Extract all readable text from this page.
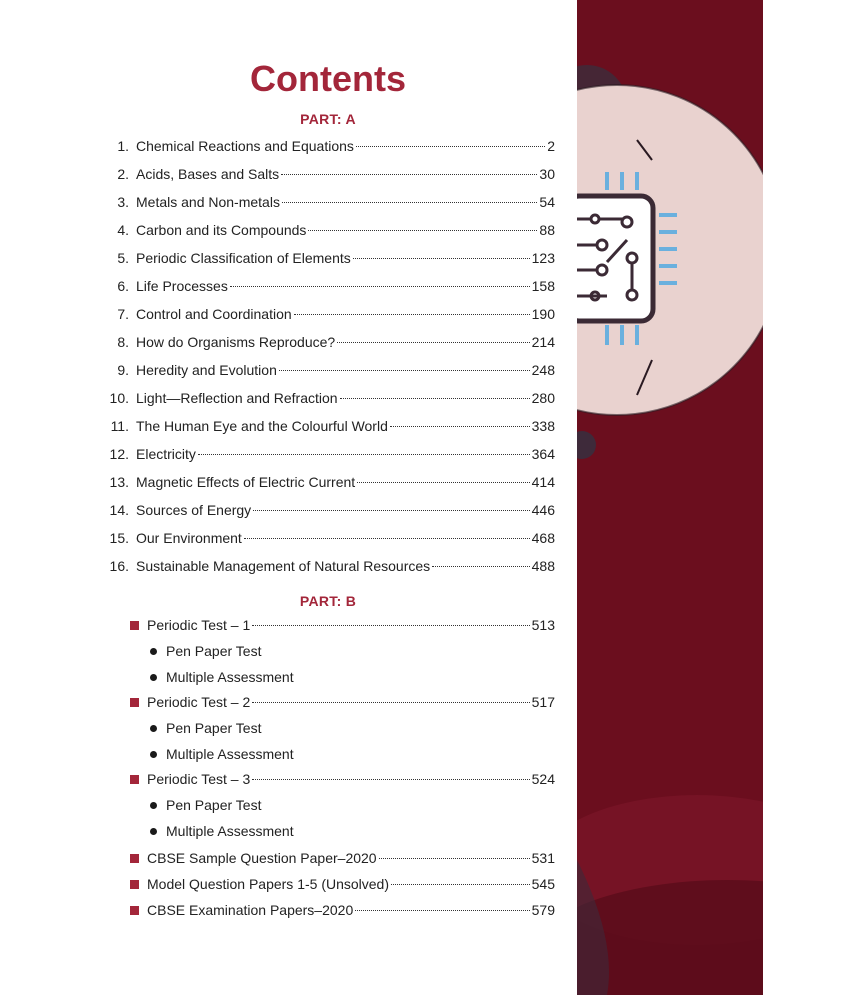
Contents
PART: A
1. Chemical Reactions and Equations	2
2. Acids, Bases and Salts	30
3. Metals and Non-metals	54
4. Carbon and its Compounds	88
5. Periodic Classification of Elements	123
6. Life Processes	158
7. Control and Coordination	190
8. How do Organisms Reproduce?	214
9. Heredity and Evolution	248
10. Light—Reflection and Refraction	280
11. The Human Eye and the Colourful World	338
12. Electricity	364
13. Magnetic Effects of Electric Current	414
14. Sources of Energy	446
15. Our Environment	468
16. Sustainable Management of Natural Resources	488
PART: B
Periodic Test – 1	513
Pen Paper Test
Multiple Assessment
Periodic Test – 2	517
Pen Paper Test
Multiple Assessment
Periodic Test – 3	524
Pen Paper Test
Multiple Assessment
CBSE Sample Question Paper–2020	531
Model Question Papers 1-5 (Unsolved)	545
CBSE Examination Papers–2020	579
